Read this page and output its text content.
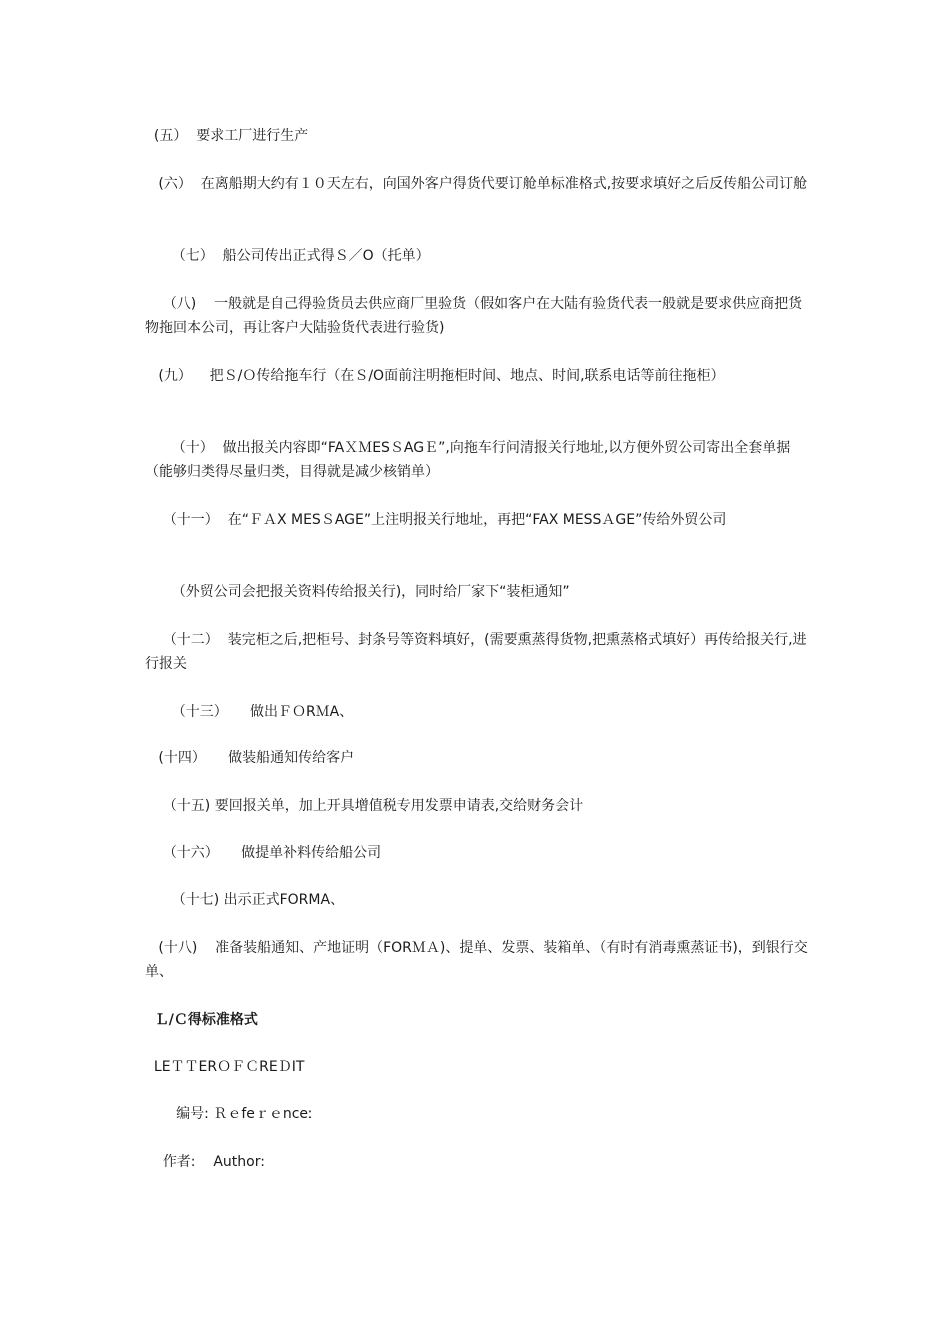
(五）  要求工厂进行生产

(六）  在离船期大约有１０天左右，向国外客户得货代要订舱单标准格式,按要求填好之后反传船公司订舱

（七）  船公司传出正式得Ｓ／O（托单）

（八)    一般就是自己得验货员去供应商厂里验货（假如客户在大陆有验货代表一般就是要求供应商把货物拖回本公司，再让客户大陆验货代表进行验货)

(九）    把Ｓ/Ｏ传给拖车行（在Ｓ/O面前注明拖柜时间、地点、时间,联系电话等前往拖柜）

（十）  做出报关内容即“FAＸＭESＳAGＥ”,向拖车行问清报关行地址,以方便外贸公司寄出全套单据（能够归类得尽量归类，目得就是减少核销单）

（十一）  在“ＦＡX MESＳAGE”上注明报关行地址，再把“FAX MESSＡGE”传给外贸公司

（外贸公司会把报关资料传给报关行)，同时给厂家下“装柜通知”

（十二）  装完柜之后,把柜号、封条号等资料填好，(需要熏蒸得货物,把熏蒸格式填好）再传给报关行,进行报关

（十三）     做出ＦＯRＭA、

(十四）     做装船通知传给客户

（十五) 要回报关单，加上开具增值税专用发票申请表,交给财务会计

（十六）     做提单补料传给船公司

（十七) 出示正式FORMA、

(十八)    准备装船通知、产地证明（FORＭＡ)、提单、发票、装箱单、（有时有消毒熏蒸证书)，到银行交单、

Ｌ/Ｃ得标准格式

LEＴＴERＯＦＣREＤIT

编号: Ｒｅfeｒｅnceː

作者:    Author:
